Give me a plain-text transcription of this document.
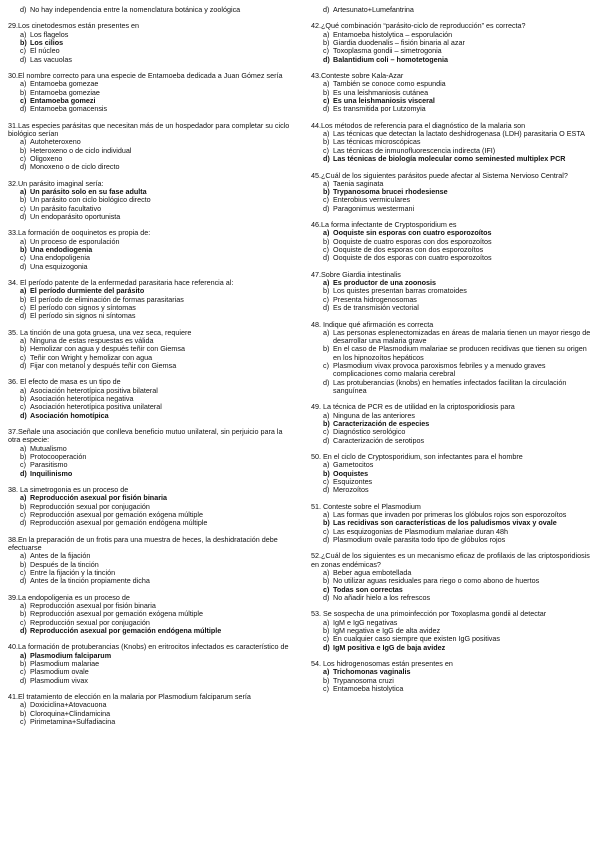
d) No hay independencia entre la nomenclatura botánica y zoológica
29.Los cinetodesmos están presentes en
a) Los flagelos
b) Los cilios
c) El núcleo
d) Las vacuolas
30.El nombre correcto para una especie de Entamoeba dedicada a Juan Gómez sería
a) Entamoeba gomezae
b) Entamoeba gomeziae
c) Entamoeba gomezi
d) Entamoeba gomacensis
31.Las especies parásitas que necesitan más de un hospedador para completar su ciclo biológico serían
a) Autoheteroxeno
b) Heteroxeno o de ciclo individual
c) Oligoxeno
d) Monoxeno o de ciclo directo
32.Un parásito imaginal sería:
a) Un parásito solo en su fase adulta
b) Un parásito con ciclo biológico directo
c) Un parásito facultativo
d) Un endoparásito oportunista
33.La formación de ooquinetos es propia de:
a) Un proceso de esporulación
b) Una endodiogenia
c) Una endopoligenia
d) Una esquizogonia
34. El período patente de la enfermedad parasitaria hace referencia al:
a) El período durmiente del parásito
b) El período de eliminación de formas parasitarias
c) El período con signos y síntomas
d) El período sin signos ni síntomas
35. La tinción de una gota gruesa, una vez seca, requiere
a) Ninguna de estas respuestas es válida
b) Hemolizar con agua y después teñir con Giemsa
c) Teñir con Wright y hemolizar con agua
d) Fijar con metanol y después teñir con Giemsa
36. El efecto de masa es un tipo de
a) Asociación heterotípica positiva bilateral
b) Asociación heterotípica negativa
c) Asociación heterotípica positiva unilateral
d) Asociación homotípica
37.Señale una asociación que conlleva beneficio mutuo unilateral, sin perjuicio para la otra especie:
a) Mutualismo
b) Protocooperación
c) Parasitismo
d) Inquilinismo
38. La simetrogonia es un proceso de
a) Reproducción asexual por fisión binaria
b) Reproducción sexual por conjugación
c) Reproducción asexual por gemación exógena múltiple
d) Reproducción asexual por gemación endógena múltiple
38.En la preparación de un frotis para una muestra de heces, la deshidratación debe efectuarse
a) Antes de la fijación
b) Después de la tinción
c) Entre la fijación y la tinción
d) Antes de la tinción propiamente dicha
39.La endopoligenia es un proceso de
a) Reproducción asexual por fisión binaria
b) Reproducción asexual por gemación exógena múltiple
c) Reproducción sexual por conjugación
d) Reproducción asexual por gemación endógena múltiple
40.La formación de protuberancias (Knobs) en eritrocitos infectados es característico de
a) Plasmodium falciparum
b) Plasmodium malariae
c) Plasmodium ovale
d) Plasmodium vivax
41.El tratamiento de elección en la malaria por Plasmodium falciparum sería
a) Doxiciclina+Atovacuona
b) Cloroquina+Clindamicina
c) Pirimetamina+Sulfadiacina
d) Artesunato+Lumefantrina
42.¿Qué combinación “parásito-ciclo de reproducción” es correcta?
a) Entamoeba histolytica – esporulación
b) Giardia duodenalis – fisión binaria al azar
c) Toxoplasma gondii – simetrogonia
d) Balantidium coli – homotetogenia
43.Conteste sobre Kala-Azar
a) También se conoce como espundia
b) Es una leishmaniosis cutánea
c) Es una leishmaniosis visceral
d) Es transmitida por Lutzomyia
44.Los métodos de referencia para el diagnóstico de la malaria son
a) Las técnicas que detectan la lactato deshidrogenasa (LDH) parasitaria O ESTA
b) Las técnicas microscópicas
c) Las técnicas de inmunofluorescencia indirecta (IFI)
d) Las técnicas de biología molecular como seminested multiplex PCR
45.¿Cuál de los siguientes parásitos puede afectar al Sistema Nervioso Central?
a) Taenia saginata
b) Trypanosoma brucei rhodesiense
c) Enterobius vermiculares
d) Paragonimus westermani
46.La forma infectante de Cryptosporidium es
a) Ooquiste sin esporas con cuatro esporozoítos
b) Ooquiste de cuatro esporas con dos esporozoítos
c) Ooquiste de dos esporas con dos esporozoítos
d) Ooquiste de dos esporas con cuatro esporozoítos
47.Sobre Giardia intestinalis
a) Es productor de una zoonosis
b) Los quistes presentan barras cromatoides
c) Presenta hidrogenosomas
d) Es de transmisión vectorial
48. Indique qué afirmación es correcta
a) Las personas esplenectomizadas en áreas de malaria tienen un mayor riesgo de desarrollar una malaria grave
b) En el caso de Plasmodium malariae se producen recidivas que tienen su origen en los hipnozoítos hepáticos
c) Plasmodium vivax provoca paroxismos febriles y a menudo graves complicaciones como malaria cerebral
d) Las protuberancias (knobs) en hematíes infectados facilitan la circulación sanguínea
49. La técnica de PCR es de utilidad en la criptosporidiosis para
a) Ninguna de las anteriores
b) Caracterización de especies
c) Diagnóstico serológico
d) Caracterización de serotipos
50. En el ciclo de Cryptosporidium, son infectantes para el hombre
a) Gametocitos
b) Ooquistes
c) Esquizontes
d) Merozoítos
51. Conteste sobre el Plasmodium
a) Las formas que invaden por primeras los glóbulos rojos son esporozoítos
b) Las recidivas son características de los paludismos vivax y ovale
c) Las esquizogonias de Plasmodium malariae duran 48h
d) Plasmodium ovale parasita todo tipo de glóbulos rojos
52.¿Cuál de los siguientes es un mecanismo eficaz de profilaxis de las criptosporidiosis en zonas endémicas?
a) Beber agua embotellada
b) No utilizar aguas residuales para riego o como abono de huertos
c) Todas son correctas
d) No añadir hielo a los refrescos
53. Se sospecha de una primoinfección por Toxoplasma gondii al detectar
a) IgM e IgG negativas
b) IgM negativa e IgG de alta avidez
c) En cualquier caso siempre que existen IgG positivas
d) IgM positiva e IgG de baja avidez
54. Los hidrogenosomas están presentes en
a) Trichomonas vaginalis
b) Trypanosoma cruzi
c) Entamoeba histolytica
